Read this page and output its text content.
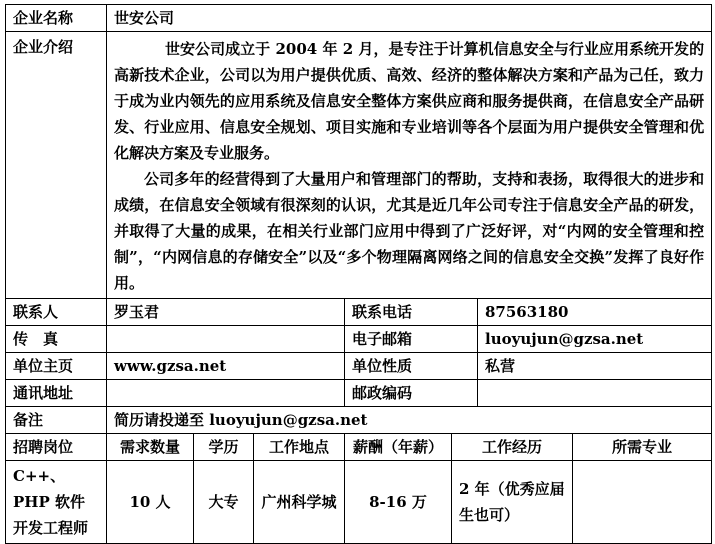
企业名称	世安公司						
企业介绍	世安公司成立于 2004 年 2 月，是专注于计算机信息安全与行业应用系统开发的高新技术企业，公司以为用户提供优质、高效、经济的整体解决方案和产品为己任，致力于成为业内领先的应用系统及信息安全整体方案供应商和服务提供商，在信息安全产品研发、行业应用、信息安全规划、项目实施和专业培训等各个层面为用户提供安全管理和优化解决方案及专业服务。

公司多年的经营得到了大量用户和管理部门的帮助，支持和表扬，取得很大的进步和成绩，在信息安全领域有很深刻的认识，尤其是近几年公司专注于信息安全产品的研发，并取得了大量的成果，在相关行业部门应用中得到了广泛好评，对“内网的安全管理和控制”，“内网信息的存储安全”以及“多个物理隔离网络之间的信息安全交换”发挥了良好作用。						

联系人	罗玉君			联系电话		87563180	
传　真				电子邮箱		luoyujun@gzsa.net	
单位主页	www.gzsa.net			单位性质		私营	
通讯地址				邮政编码			
备注	简历请投递至 luoyujun@gzsa.net						
招聘岗位	需求数量	学历	工作地点	薪酬（年薪）	工作经历		所需专业
C++、PHP 软件开发工程师	10 人	大专	广州科学城	8-16 万	2 年（优秀应届生也可）		
